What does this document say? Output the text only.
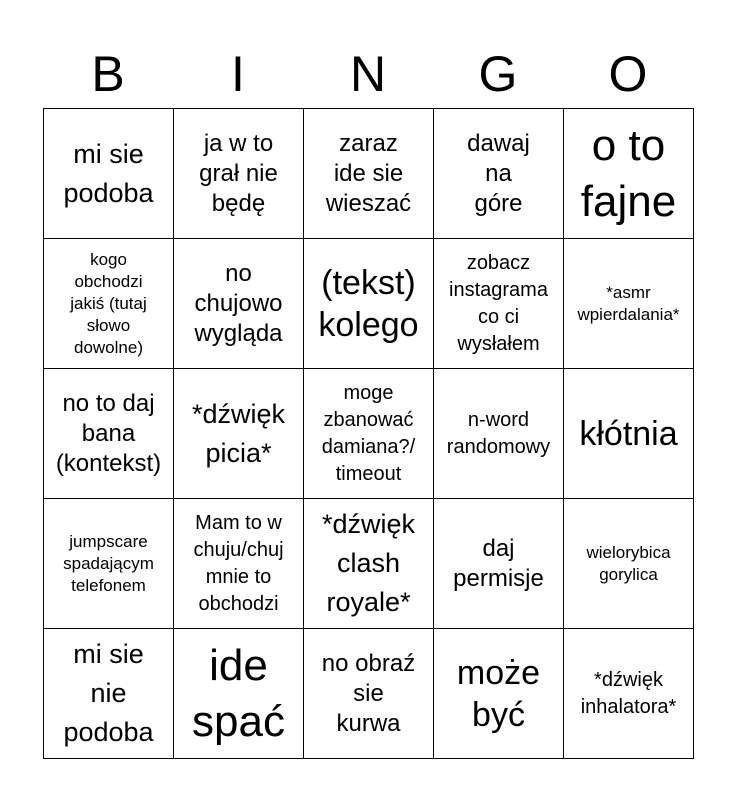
B	I	N	G	O
mi sie
podoba	ja w to
grał nie
będę	zaraz
ide sie
wieszać	dawaj
na
góre	o to
fajne

kogo
obchodzi
jakiś (tutaj
słowo
dowolne)	no
chujowo
wygląda	(tekst)
kolego	zobacz
instagrama
co ci
wysłałem	*asmr
wpierdalania*

no to daj
bana
(kontekst)	*dźwięk
picia*	moge
zbanować
damiana?/
timeout	n-word
randomowy	kłótnia

jumpscare
spadającym
telefonem	Mam to w
chuju/chuj
mnie to
obchodzi	*dźwięk
clash
royale*	daj
permisje	wielorybica
gorylica

mi sie
nie
podoba	ide
spać	no obraź
sie
kurwa	może
być	*dźwięk
inhalatora*
